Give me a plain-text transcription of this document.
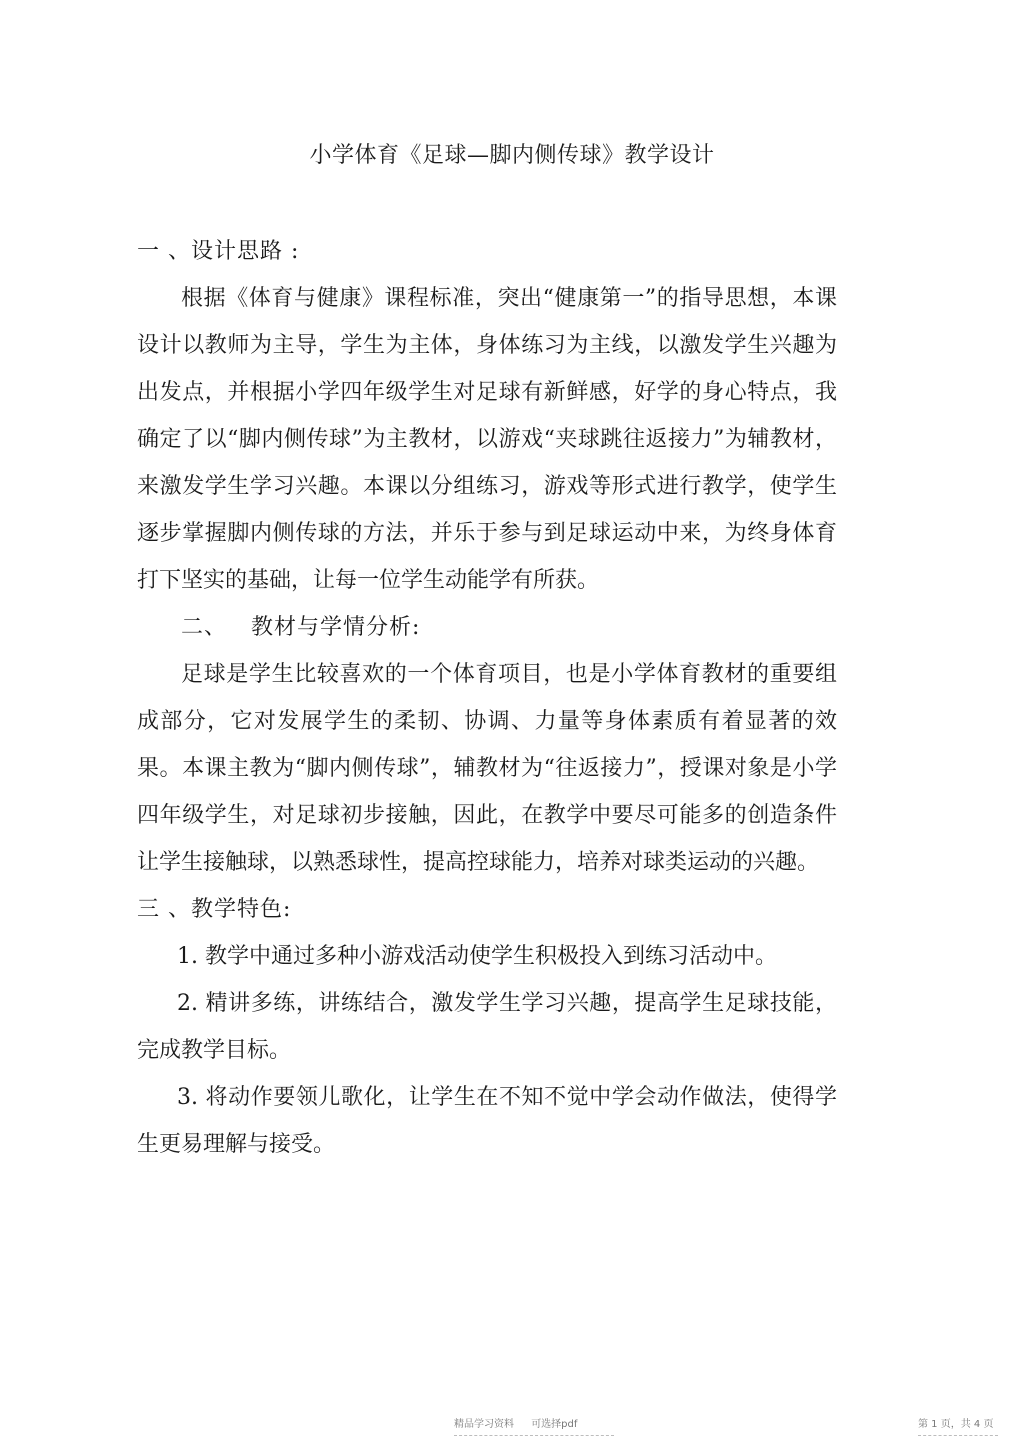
小学体育《足球—脚内侧传球》教学设计

一 、设计思路 :

根据《体育与健康》课程标准，突出“健康第一”的指导思想，本课设计以教师为主导，学生为主体，身体练习为主线，以激发学生兴趣为出发点，并根据小学四年级学生对足球有新鲜感，好学的身心特点，我确定了以“脚内侧传球”为主教材，以游戏“夹球跳往返接力”为辅教材，来激发学生学习兴趣。本课以分组练习，游戏等形式进行教学，使学生逐步掌握脚内侧传球的方法，并乐于参与到足球运动中来，为终身体育打下坚实的基础，让每一位学生动能学有所获。

二、   教材与学情分析:

足球是学生比较喜欢的一个体育项目，也是小学体育教材的重要组成部分，它对发展学生的柔韧、协调、力量等身体素质有着显著的效果。本课主教为“脚内侧传球”，辅教材为“往返接力”，授课对象是小学四年级学生，对足球初步接触，因此，在教学中要尽可能多的创造条件让学生接触球，以熟悉球性，提高控球能力，培养对球类运动的兴趣。

三 、教学特色:

1. 教学中通过多种小游戏活动使学生积极投入到练习活动中。

2. 精讲多练，讲练结合，激发学生学习兴趣，提高学生足球技能，完成教学目标。

3. 将动作要领儿歌化，让学生在不知不觉中学会动作做法，使得学生更易理解与接受。

精品学习资料 可选择pdf	第 1 页，共 4 页
